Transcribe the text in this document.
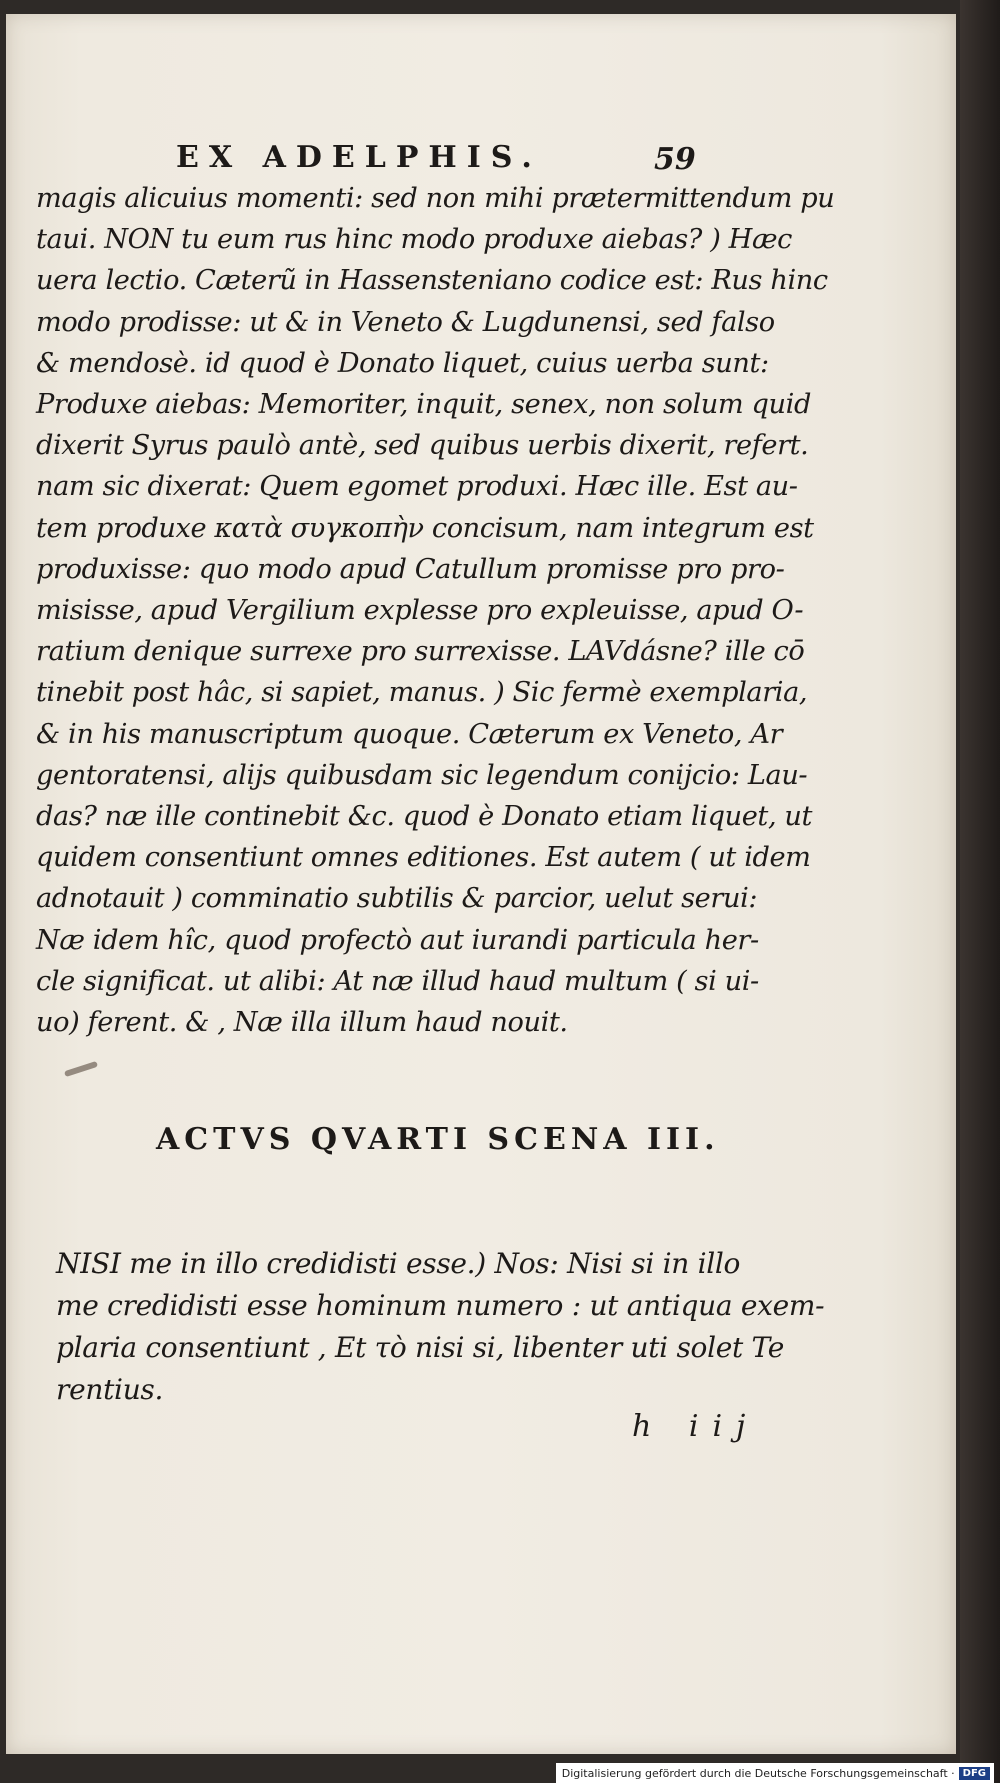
EX ADELPHIS.	59
magis alicuius momenti: sed non mihi prætermittendum pu
taui. NON tu eum rus hinc modo produxe aiebas? ) Hæc
uera lectio. Cæterũ in Hassensteniano codice est: Rus hinc
modo prodisse: ut & in Veneto & Lugdunensi, sed falso
& mendosè. id quod è Donato liquet, cuius uerba sunt:
Produxe aiebas: Memoriter, inquit, senex, non solum quid
dixerit Syrus paulò antè, sed quibus uerbis dixerit, refert.
nam sic dixerat: Quem egomet produxi. Hæc ille. Est au-
tem produxe κατὰ συγκοπὴν concisum, nam integrum est
produxisse: quo modo apud Catullum promisse pro pro-
misisse, apud Vergilium explesse pro expleuisse, apud O-
ratium denique surrexe pro surrexisse. LAVdásne? ille cō
tinebit post hâc, si sapiet, manus. ) Sic fermè exemplaria,
& in his manuscriptum quoque. Cæterum ex Veneto, Ar
gentoratensi, alijs quibusdam sic legendum conijcio: Lau-
das? næ ille continebit &c. quod è Donato etiam liquet, ut
quidem consentiunt omnes editiones. Est autem ( ut idem
adnotauit ) comminatio subtilis & parcior, uelut serui:
Næ idem hîc, quod profectò aut iurandi particula her-
cle significat. ut alibi: At næ illud haud multum ( si ui-
uo) ferent. & , Næ illa illum haud nouit.
ACTVS QVARTI SCENA III.
NISI me in illo credidisti esse.) Nos: Nisi si in illo
me credidisti esse hominum numero : ut antiqua exem-
plaria consentiunt , Et τὸ nisi si, libenter uti solet Te
rentius.
h iij
Digitalisierung gefördert durch die Deutsche Forschungsgemeinschaft · DFG
